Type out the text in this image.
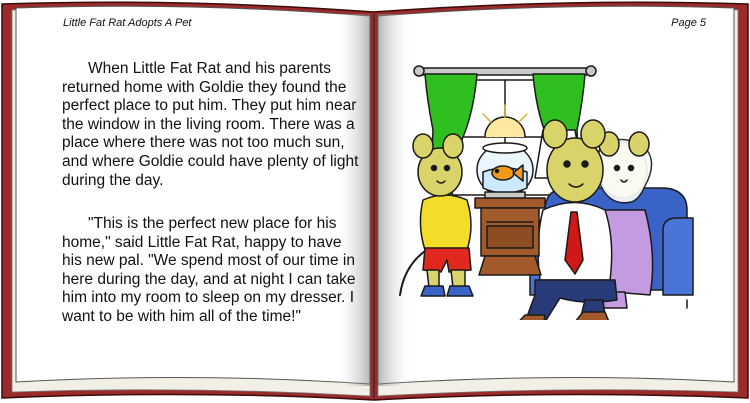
Little Fat Rat Adopts A Pet	Page 5

When Little Fat Rat and his parents returned home with Goldie they found the perfect place to put him. They put him near the window in the living room. There was a place where there was not too much sun, and where Goldie could have plenty of light during the day.

"This is the perfect new place for his home," said Little Fat Rat, happy to have his new pal. "We spend most of our time in here during the day, and at night I can take him into my room to sleep on my dresser. I want to be with him all of the time!"
